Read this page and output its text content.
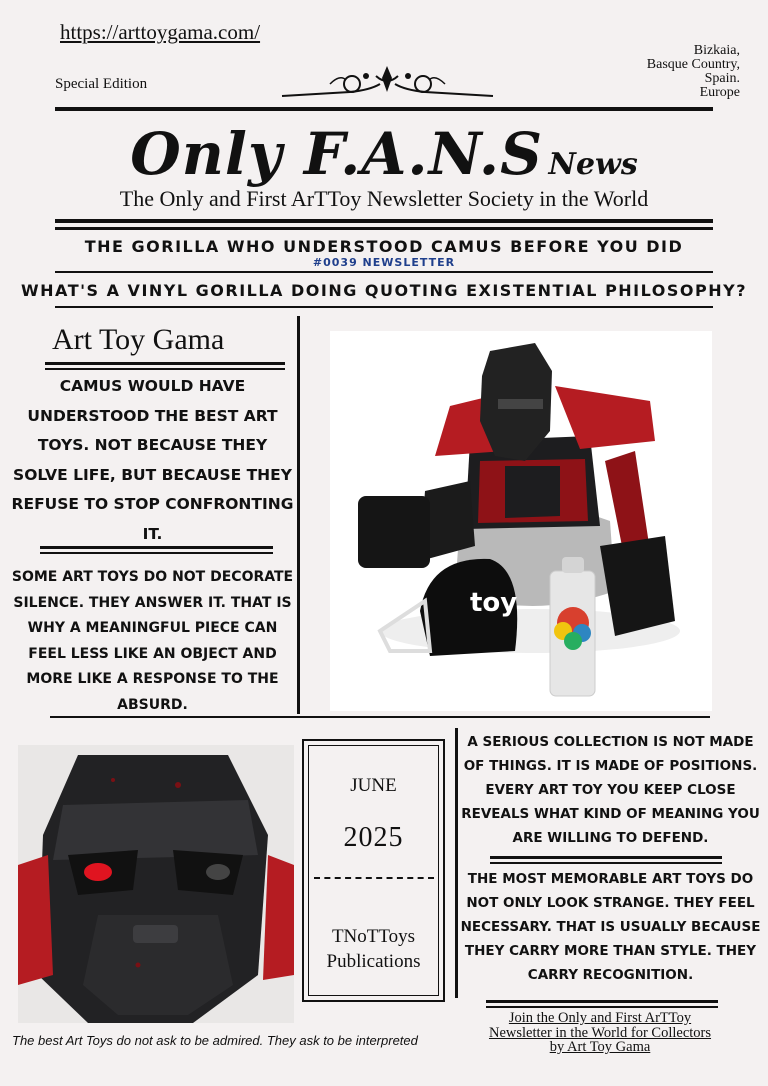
https://arttoygama.com/
Special Edition
Bizkaia,
Basque Country,
Spain.
Europe
Only F.A.N.S News
The Only and First ArTToy Newsletter Society in the World
THE GORILLA WHO UNDERSTOOD CAMUS BEFORE YOU DID
#0039 NEWSLETTER
WHAT'S A VINYL GORILLA DOING QUOTING EXISTENTIAL PHILOSOPHY?
Art Toy Gama
CAMUS WOULD HAVE UNDERSTOOD THE BEST ART TOYS. NOT BECAUSE THEY SOLVE LIFE, BUT BECAUSE THEY REFUSE TO STOP CONFRONTING IT.
SOME ART TOYS DO NOT DECORATE SILENCE. THEY ANSWER IT. THAT IS WHY A MEANINGFUL PIECE CAN FEEL LESS LIKE AN OBJECT AND MORE LIKE A RESPONSE TO THE ABSURD.
toy
JUNE
2025
TNoTToys Publications
A SERIOUS COLLECTION IS NOT MADE OF THINGS. IT IS MADE OF POSITIONS. EVERY ART TOY YOU KEEP CLOSE REVEALS WHAT KIND OF MEANING YOU ARE WILLING TO DEFEND.
THE MOST MEMORABLE ART TOYS DO NOT ONLY LOOK STRANGE. THEY FEEL NECESSARY. THAT IS USUALLY BECAUSE THEY CARRY MORE THAN STYLE. THEY CARRY RECOGNITION.
The best Art Toys do not ask to be admired. They ask to be interpreted
Join the Only and First ArTToy Newsletter in the World for Collectors by Art Toy Gama
